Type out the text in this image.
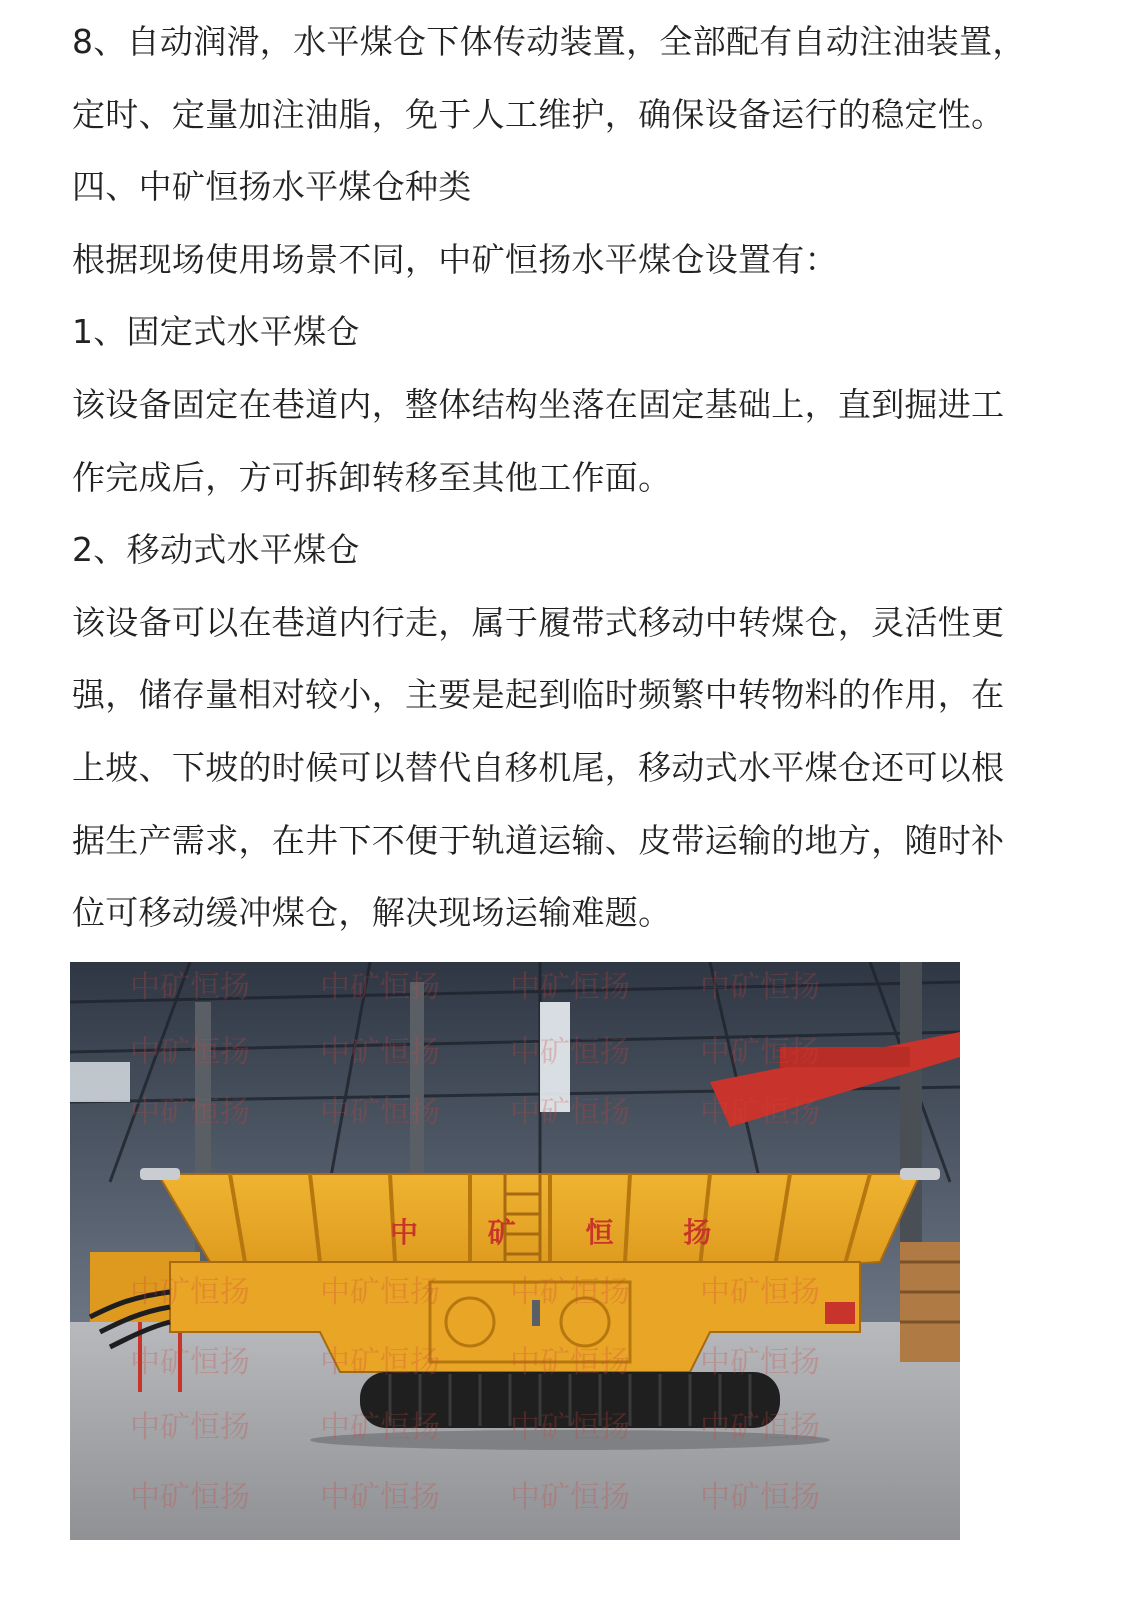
8、自动润滑，水平煤仓下体传动装置，全部配有自动注油装置，
定时、定量加注油脂，免于人工维护，确保设备运行的稳定性。
四、中矿恒扬水平煤仓种类
根据现场使用场景不同，中矿恒扬水平煤仓设置有：
1、固定式水平煤仓
该设备固定在巷道内，整体结构坐落在固定基础上，直到掘进工
作完成后，方可拆卸转移至其他工作面。
2、移动式水平煤仓
该设备可以在巷道内行走，属于履带式移动中转煤仓，灵活性更
强，储存量相对较小，主要是起到临时频繁中转物料的作用，在
上坡、下坡的时候可以替代自移机尾，移动式水平煤仓还可以根
据生产需求，在井下不便于轨道运输、皮带运输的地方，随时补
位可移动缓冲煤仓，解决现场运输难题。
中 矿 恒 扬
中矿恒扬 中矿恒扬 中矿恒扬 中矿恒扬
中矿恒扬 中矿恒扬 中矿恒扬 中矿恒扬
中矿恒扬 中矿恒扬 中矿恒扬 中矿恒扬
中矿恒扬 中矿恒扬 中矿恒扬 中矿恒扬
中矿恒扬 中矿恒扬 中矿恒扬 中矿恒扬
中矿恒扬 中矿恒扬 中矿恒扬 中矿恒扬
中矿恒扬 中矿恒扬 中矿恒扬 中矿恒扬
